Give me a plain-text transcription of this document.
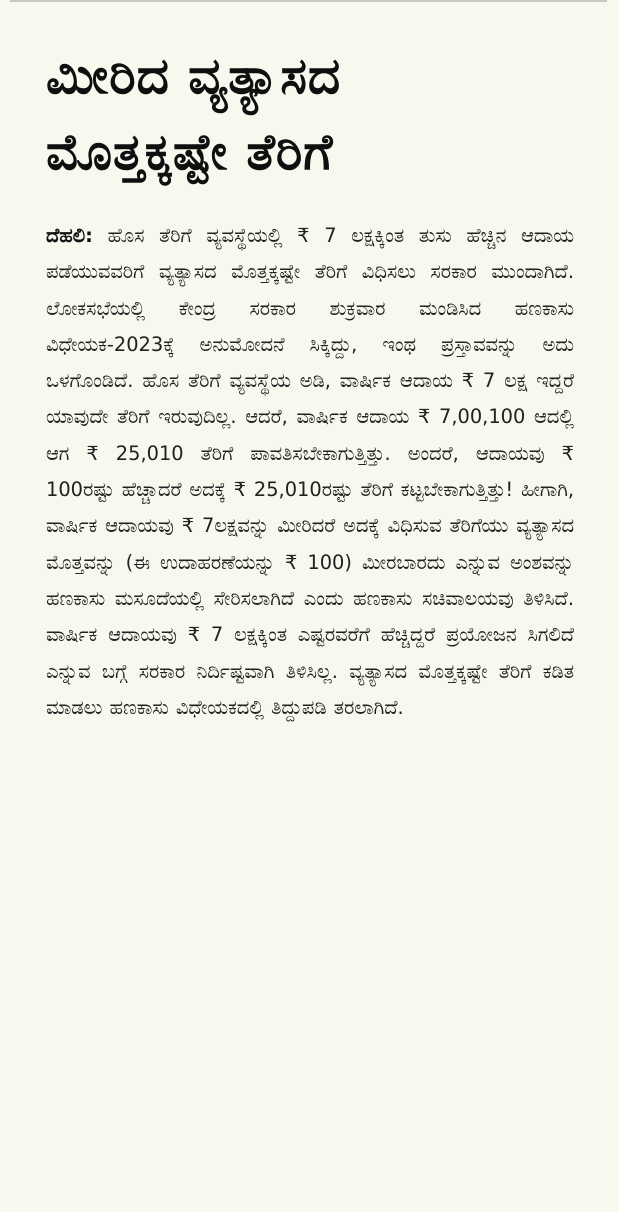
ಮೀರಿದ ವ್ಯತ್ಯಾಸದ
ಮೊತ್ತಕ್ಕಷ್ಟೇ ತೆರಿಗೆ

ದೆಹಲಿ: ಹೊಸ ತೆರಿಗೆ ವ್ಯವಸ್ಥೆಯಲ್ಲಿ ₹ 7 ಲಕ್ಷಕ್ಕಿಂತ ತುಸು ಹೆಚ್ಚಿನ ಆದಾಯ ಪಡೆಯುವವರಿಗೆ ವ್ಯತ್ಯಾಸದ ಮೊತ್ತಕ್ಕಷ್ಟೇ ತೆರಿಗೆ ವಿಧಿಸಲು ಸರಕಾರ ಮುಂದಾಗಿದೆ. ಲೋಕಸಭೆಯಲ್ಲಿ ಕೇಂದ್ರ ಸರಕಾರ ಶುಕ್ರವಾರ ಮಂಡಿಸಿದ ಹಣಕಾಸು ವಿಧೇಯಕ-2023ಕ್ಕೆ ಅನುಮೋದನೆ ಸಿಕ್ಕಿದ್ದು, ಇಂಥ ಪ್ರಸ್ತಾವವನ್ನು ಅದು ಒಳಗೊಂಡಿದೆ. ಹೊಸ ತೆರಿಗೆ ವ್ಯವಸ್ಥೆಯ ಅಡಿ, ವಾರ್ಷಿಕ ಆದಾಯ ₹ 7 ಲಕ್ಷ ಇದ್ದರೆ ಯಾವುದೇ ತೆರಿಗೆ ಇರುವುದಿಲ್ಲ. ಆದರೆ, ವಾರ್ಷಿಕ ಆದಾಯ ₹ 7,00,100 ಆದಲ್ಲಿ ಆಗ ₹ 25,010 ತೆರಿಗೆ ಪಾವತಿಸಬೇಕಾಗುತ್ತಿತ್ತು. ಅಂದರೆ, ಆದಾಯವು ₹ 100ರಷ್ಟು ಹೆಚ್ಚಾದರೆ ಅದಕ್ಕೆ ₹ 25,010ರಷ್ಟು ತೆರಿಗೆ ಕಟ್ಟಬೇಕಾಗುತ್ತಿತ್ತು! ಹೀಗಾಗಿ, ವಾರ್ಷಿಕ ಆದಾಯವು ₹ 7ಲಕ್ಷವನ್ನು ಮೀರಿದರೆ ಅದಕ್ಕೆ ವಿಧಿಸುವ ತೆರಿಗೆಯು ವ್ಯತ್ಯಾಸದ ಮೊತ್ತವನ್ನು (ಈ ಉದಾಹರಣೆಯನ್ನು ₹ 100) ಮೀರಬಾರದು ಎನ್ನುವ ಅಂಶವನ್ನು ಹಣಕಾಸು ಮಸೂದೆಯಲ್ಲಿ ಸೇರಿಸಲಾಗಿದೆ ಎಂದು ಹಣಕಾಸು ಸಚಿವಾಲಯವು ತಿಳಿಸಿದೆ. ವಾರ್ಷಿಕ ಆದಾಯವು ₹ 7 ಲಕ್ಷಕ್ಕಿಂತ ಎಷ್ಟರವರೆಗೆ ಹೆಚ್ಚಿದ್ದರೆ ಪ್ರಯೋಜನ ಸಿಗಲಿದೆ ಎನ್ನುವ ಬಗ್ಗೆ ಸರಕಾರ ನಿರ್ದಿಷ್ಟವಾಗಿ ತಿಳಿಸಿಲ್ಲ. ವ್ಯತ್ಯಾಸದ ಮೊತ್ತಕ್ಕಷ್ಟೇ ತೆರಿಗೆ ಕಡಿತ ಮಾಡಲು ಹಣಕಾಸು ವಿಧೇಯಕದಲ್ಲಿ ತಿದ್ದುಪಡಿ ತರಲಾಗಿದೆ.
